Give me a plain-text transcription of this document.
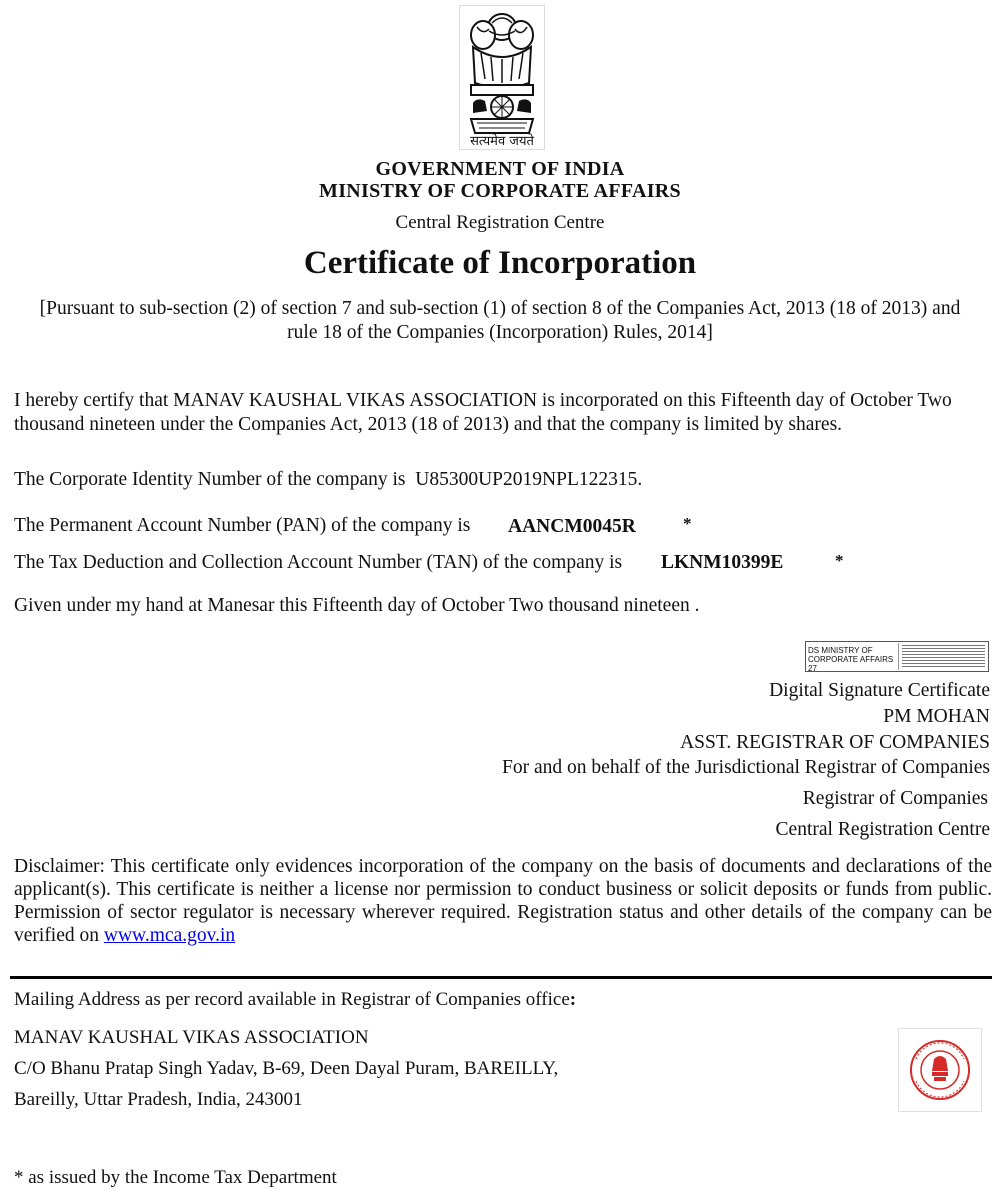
सत्यमेव जयते
GOVERNMENT OF INDIA
MINISTRY OF CORPORATE AFFAIRS
Central Registration Centre
Certificate of Incorporation
[Pursuant to sub-section (2) of section 7 and sub-section (1) of section 8 of the Companies Act, 2013 (18 of 2013) and
rule 18 of the Companies (Incorporation) Rules, 2014]
I hereby certify that MANAV KAUSHAL VIKAS ASSOCIATION is incorporated on this Fifteenth day of October Two thousand nineteen under the Companies Act, 2013 (18 of 2013) and that the company is limited by shares.
The Corporate Identity Number of the company is U85300UP2019NPL122315.
The Permanent Account Number (PAN) of the company is AANCM0045R	*
The Tax Deduction and Collection Account Number (TAN) of the company is LKNM10399E	*
Given under my hand at Manesar this Fifteenth day of October Two thousand nineteen .
DS MINISTRY OF
CORPORATE AFFAIRS 27
Digital Signature Certificate
PM MOHAN
ASST. REGISTRAR OF COMPANIES
For and on behalf of the Jurisdictional Registrar of Companies
Registrar of Companies
Central Registration Centre
Disclaimer: This certificate only evidences incorporation of the company on the basis of documents and declarations of the applicant(s). This certificate is neither a license nor permission to conduct business or solicit deposits or funds from public. Permission of sector regulator is necessary wherever required. Registration status and other details of the company can be verified on www.mca.gov.in
Mailing Address as per record available in Registrar of Companies office:
MANAV KAUSHAL VIKAS ASSOCIATION
C/O Bhanu Pratap Singh Yadav, B-69, Deen Dayal Puram, BAREILLY,
Bareilly, Uttar Pradesh, India, 243001
* as issued by the Income Tax Department
